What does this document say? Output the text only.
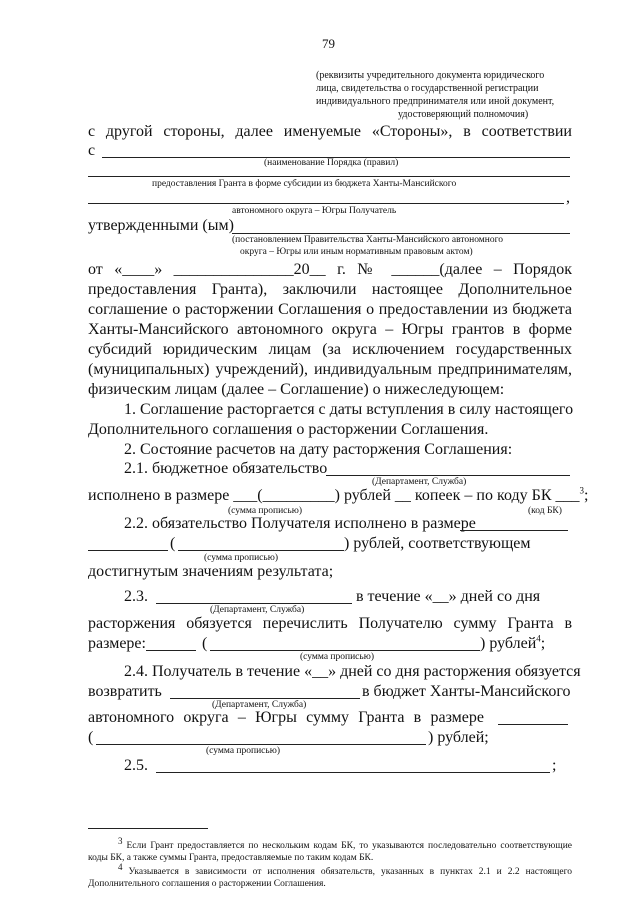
79
(реквизиты учредительного документа юридического
лица, свидетельства о государственной регистрации
индивидуального предпринимателя или иной документ,
удостоверяющий полномочия)
с другой стороны, далее именуемые «Стороны», в соответствии
с
(наименование Порядка (правил)
предоставления Гранта в форме субсидии из бюджета Ханты-Мансийского
,
автономного округа – Югры Получатель
утвержденными (ым)
(постановлением Правительства Ханты-Мансийского автономного
округа – Югры или иным нормативным правовым актом)
от «____» _______________20__ г. № ______(далее – Порядок
предоставления Гранта), заключили настоящее Дополнительное
соглашение о расторжении Соглашения о предоставлении из бюджета
Ханты-Мансийского автономного округа – Югры грантов в форме
субсидий юридическим лицам (за исключением государственных
(муниципальных) учреждений), индивидуальным предпринимателям,
физическим лицам (далее – Соглашение) о нижеследующем:
1. Соглашение расторгается с даты вступления в силу настоящего
Дополнительного соглашения о расторжении Соглашения.
2. Состояние расчетов на дату расторжения Соглашения:
2.1. бюджетное обязательство
(Департамент, Служба)
исполнено в размере ___(_________) рублей __ копеек – по коду БК ___$^3$;
(сумма прописью)	(код БК)
2.2. обязательство Получателя исполнено в размере
(	) рублей, соответствующем
(сумма прописью)
достигнутым значениям результата;
2.3.	в течение «__» дней со дня
(Департамент, Служба)
расторжения обязуется перечислить Получателю сумму Гранта в
размере:	(	) рублей$^4$;
(сумма прописью)
2.4. Получатель в течение «__» дней со дня расторжения обязуется
возвратить	в бюджет Ханты-Мансийского
(Департамент, Служба)
автономного округа – Югры сумму Гранта в размере
(	) рублей;
(сумма прописью)
2.5.	;
$^3$ Если Грант предоставляется по нескольким кодам БК, то указываются последовательно соответствующие коды БК, а также суммы Гранта, предоставляемые по таким кодам БК.
$^4$ Указывается в зависимости от исполнения обязательств, указанных в пунктах 2.1 и 2.2 настоящего Дополнительного соглашения о расторжении Соглашения.
